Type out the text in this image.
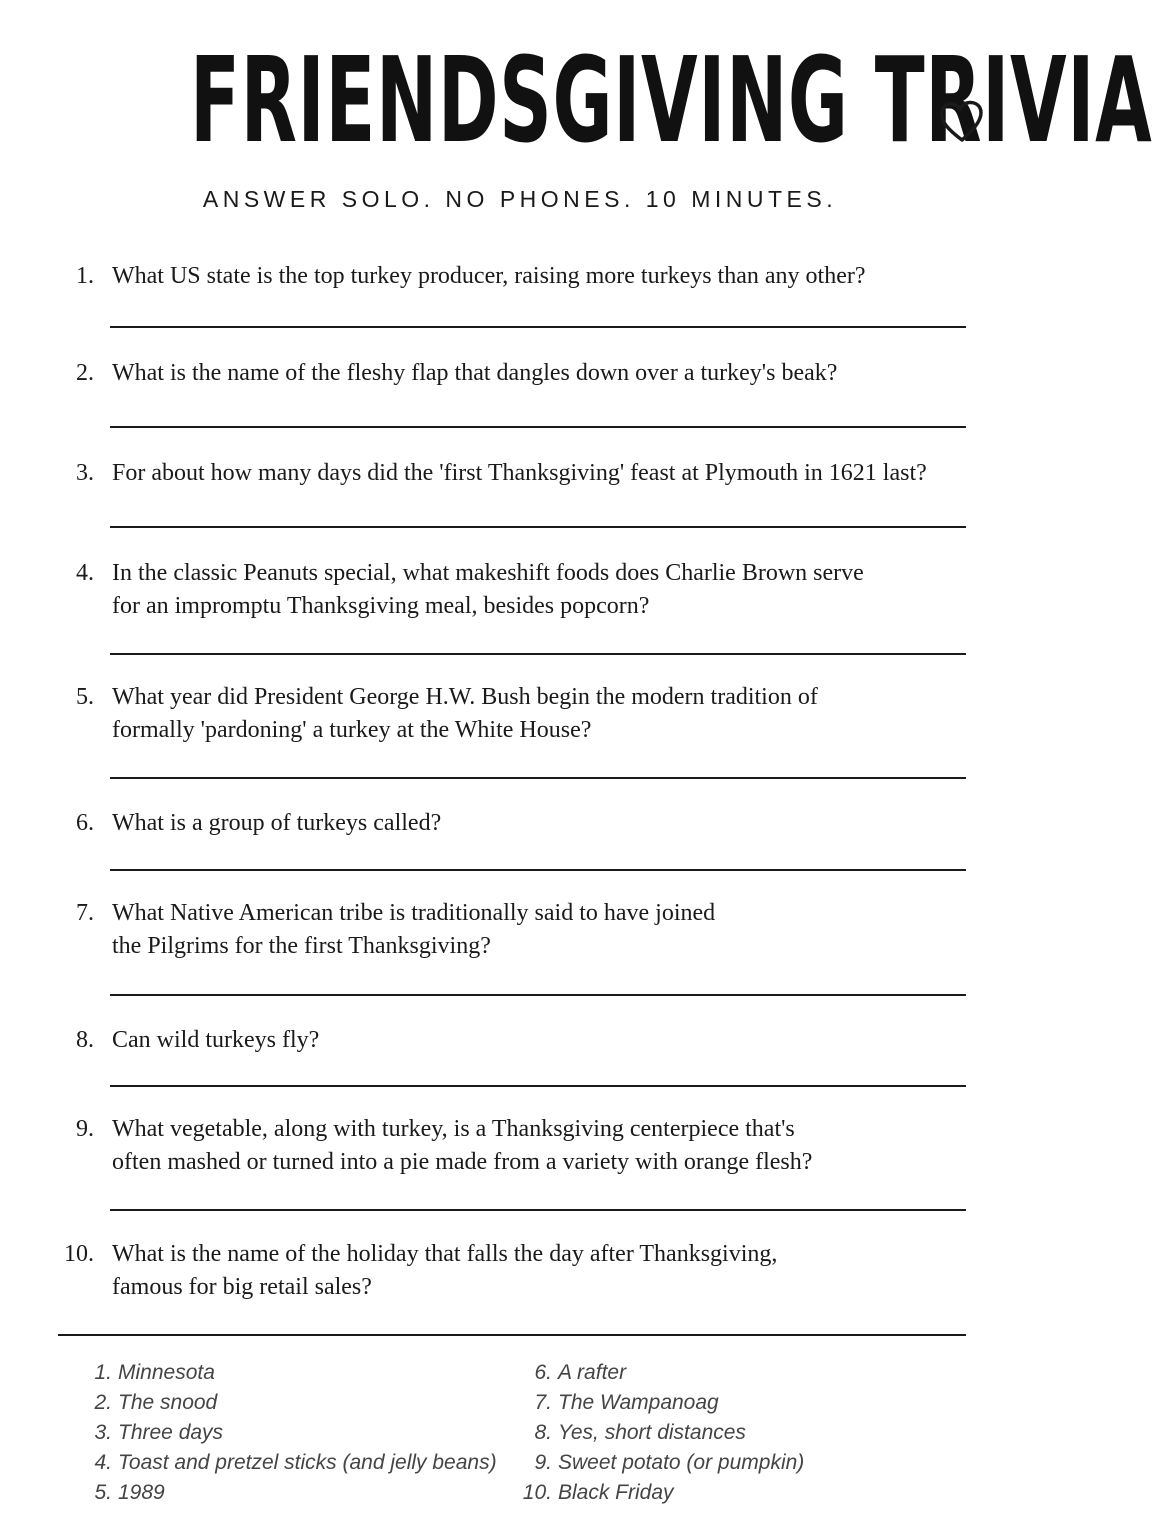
FRIENDSGIVING TRIVIA
ANSWER SOLO. NO PHONES. 10 MINUTES.
1. What US state is the top turkey producer, raising more turkeys than any other?
2. What is the name of the fleshy flap that dangles down over a turkey's beak?
3. For about how many days did the 'first Thanksgiving' feast at Plymouth in 1621 last?
4. In the classic Peanuts special, what makeshift foods does Charlie Brown serve
for an impromptu Thanksgiving meal, besides popcorn?
5. What year did President George H.W. Bush begin the modern tradition of
formally 'pardoning' a turkey at the White House?
6. What is a group of turkeys called?
7. What Native American tribe is traditionally said to have joined
the Pilgrims for the first Thanksgiving?
8. Can wild turkeys fly?
9. What vegetable, along with turkey, is a Thanksgiving centerpiece that's
often mashed or turned into a pie made from a variety with orange flesh?
10. What is the name of the holiday that falls the day after Thanksgiving,
famous for big retail sales?
1. Minnesota
2. The snood
3. Three days
4. Toast and pretzel sticks (and jelly beans)
5. 1989
6. A rafter
7. The Wampanoag
8. Yes, short distances
9. Sweet potato (or pumpkin)
10. Black Friday
